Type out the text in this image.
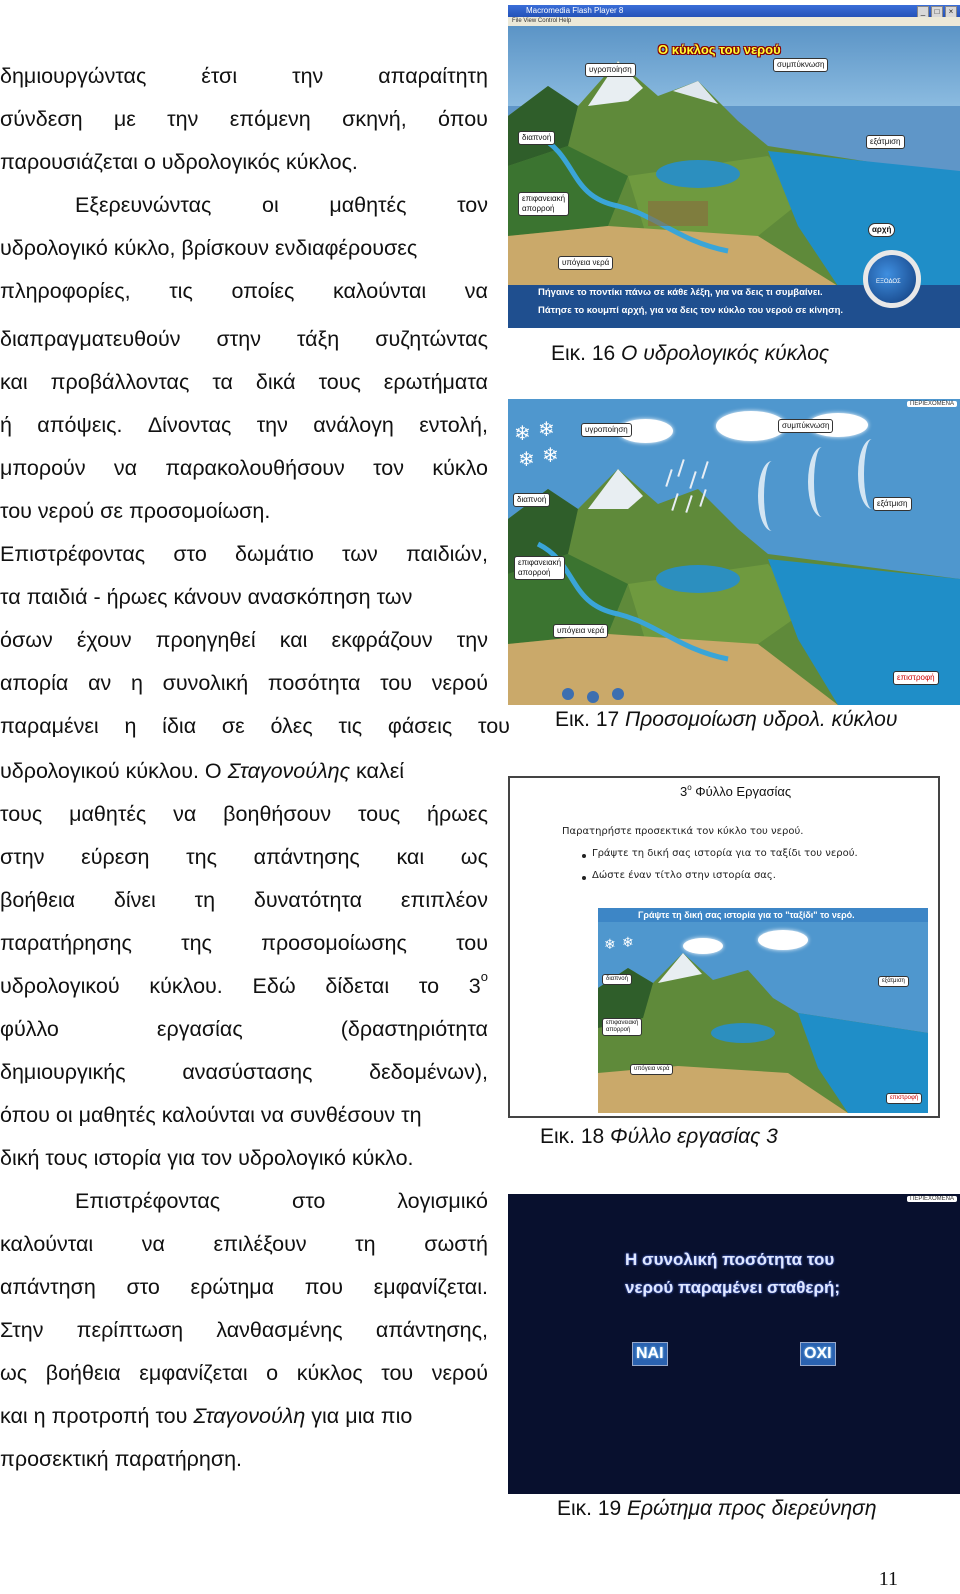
δημιουργώντας	έτσι	την	απαραίτητη
σύνδεση με την επόμενη σκηνή, όπου
παρουσιάζεται ο υδρολογικός κύκλος.
Εξερευνώντας οι μαθητές τον
υδρολογικό κύκλο, βρίσκουν ενδιαφέρουσες
πληροφορίες, τις οποίες καλούνται να
διαπραγματευθούν στην τάξη συζητώντας
και προβάλλοντας τα δικά τους ερωτήματα
ή απόψεις. Δίνοντας την ανάλογη εντολή,
μπορούν να παρακολουθήσουν τον κύκλο
του νερού σε προσομοίωση.
Επιστρέφοντας στο δωμάτιο των παιδιών,
τα παιδιά - ήρωες κάνουν ανασκόπηση των
όσων έχουν προηγηθεί και εκφράζουν την
απορία αν η συνολική ποσότητα του νερού
παραμένει η ίδια σε όλες τις φάσεις του
υδρολογικού κύκλου. Ο Σταγονούλης καλεί
τους μαθητές να βοηθήσουν τους ήρωες
στην εύρεση της απάντησης και ως
βοήθεια δίνει τη δυνατότητα επιπλέον
παρατήρησης της προσομοίωσης του
υδρολογικού κύκλου. Εδώ δίδεται το $3^o$
φύλλο	εργασίας	(δραστηριότητα
δημιουργικής	ανασύστασης	δεδομένων),
όπου οι μαθητές καλούνται να συνθέσουν τη
δική τους ιστορία για τον υδρολογικό κύκλο.
Επιστρέφοντας	στο	λογισμικό
καλούνται να επιλέξουν τη σωστή
απάντηση στο ερώτημα που εμφανίζεται.
Στην περίπτωση λανθασμένης απάντησης,
ως βοήθεια εμφανίζεται ο κύκλος του νερού
και η προτροπή του Σταγονούλη για μια πιο
προσεκτική παρατήρηση.
Macromedia Flash Player 8	_	□	×
File View Control Help
Ο κύκλος του νερού
υγροποίηση
συμπύκνωση
διαπνοή	εξάτμιση
επιφανειακή
απορροή
υπόγεια νερά
αρχή
Πήγαινε το ποντίκι πάνω σε κάθε λέξη, για να δεις τι συμβαίνει.
Πάτησε το κουμπί αρχή, για να δεις τον κύκλο του νερού σε κίνηση.
ΕΞΟΔΟΣ
Εικ. 16 Ο υδρολογικός κύκλος
ΠΕΡΙΕΧΟΜΕΝΑ
❄ ❄
❄ ❄
υγροποίηση	συμπύκνωση
διαπνοή	εξάτμιση
επιφανειακή
απορροή
υπόγεια νερά
επιστροφή
Εικ. 17 Προσομοίωση υδρολ. κύκλου
$3^o$ Φύλλο Εργασίας
Παρατηρήστε προσεκτικά τον κύκλο του νερού.
Γράψτε τη δική σας ιστορία για το ταξίδι του νερού.
Δώστε έναν τίτλο στην ιστορία σας.
❄ ❄
Γράψτε τη δική σας ιστορία για το "ταξίδι" το νερό.
διαπνοή	εξάτμιση
επιφανειακή
απορροή
υπόγεια νερά
επιστροφή
Εικ. 18 Φύλλο εργασίας 3
ΠΕΡΙΕΧΟΜΕΝΑ
Η συνολική ποσότητα του
νερού παραμένει σταθερή;
ΝΑΙ	ΟΧΙ
Εικ. 19 Ερώτημα προς διερεύνηση
11
